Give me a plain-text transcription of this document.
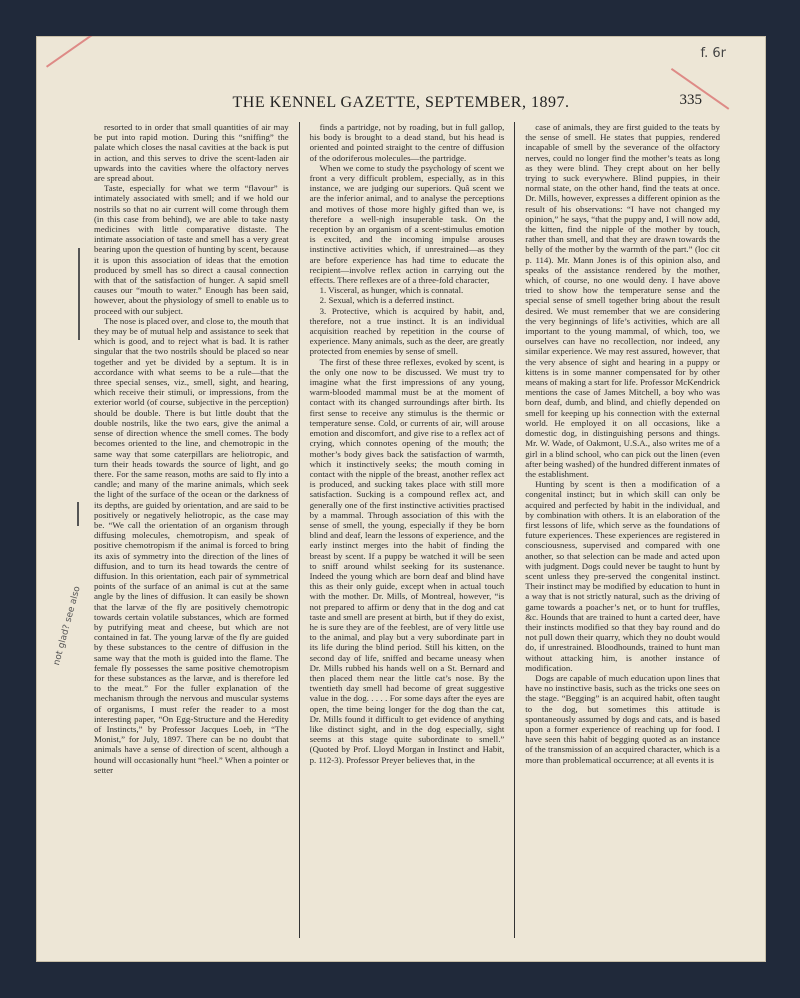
f. 6r
THE KENNEL GAZETTE, SEPTEMBER, 1897.	335
not glad? see also

resorted to in order that small quantities of air may be put into rapid motion. During this “sniffing” the palate which closes the nasal cavities at the back is put in action, and this serves to drive the scent-laden air upwards into the cavities where the olfactory nerves are spread about.

Taste, especially for what we term “flavour” is intimately associated with smell; and if we hold our nostrils so that no air current will come through them (in this case from behind), we are able to take nasty medicines with little comparative distaste. The intimate association of taste and smell has a very great bearing upon the question of hunting by scent, because it is upon this association of ideas that the emotion produced by smell has so direct a causal connection with that of the satisfaction of hunger. A sapid smell causes our “mouth to water.” Enough has been said, however, about the physiology of smell to enable us to proceed with our subject.

The nose is placed over, and close to, the mouth that they may be of mutual help and assistance to seek that which is good, and to reject what is bad. It is rather singular that the two nostrils should be placed so near together and yet be divided by a septum. It is in accordance with what seems to be a rule—that the three special senses, viz., smell, sight, and hearing, which receive their stimuli, or impressions, from the exterior world (of course, subjective in the perception) should be double. There is but little doubt that the double nostrils, like the two ears, give the animal a sense of direction whence the smell comes. The body becomes oriented to the line, and chemotropic in the same way that some caterpillars are heliotropic, and turn their heads towards the source of light, and go there. For the same reason, moths are said to fly into a candle; and many of the marine animals, which seek the light of the surface of the ocean or the darkness of its depths, are guided by orientation, and are said to be positively or negatively heliotropic, as the case may be. “We call the orientation of an organism through diffusing molecules, chemotropism, and speak of positive chemotropism if the animal is forced to bring its axis of symmetry into the direction of the lines of diffusion, and to turn its head towards the centre of diffusion. In this orientation, each pair of symmetrical points of the surface of an animal is cut at the same angle by the lines of diffusion. It can easily be shown that the larvæ of the fly are positively chemotropic towards certain volatile substances, which are formed by putrifying meat and cheese, but which are not contained in fat. The young larvæ of the fly are guided by these substances to the centre of diffusion in the same way that the moth is guided into the flame. The female fly possesses the same positive chemotropism for these substances as the larvæ, and is therefore led to the meat.” For the fuller explanation of the mechanism through the nervous and muscular systems of organisms, I must refer the reader to a most interesting paper, “On Egg-Structure and the Heredity of Instincts,” by Professor Jacques Loeb, in “The Monist,” for July, 1897. There can be no doubt that animals have a sense of direction of scent, although a hound will occasionally hunt “heel.” When a pointer or setter

finds a partridge, not by roading, but in full gallop, his body is brought to a dead stand, but his head is oriented and pointed straight to the centre of diffusion of the odoriferous molecules—the partridge.

When we come to study the psychology of scent we front a very difficult problem, especially, as in this instance, we are judging our superiors. Quâ scent we are the inferior animal, and to analyse the perceptions and motives of those more highly gifted than we, is therefore a well-nigh insuperable task. On the reception by an organism of a scent-stimulus emotion is excited, and the incoming impulse arouses instinctive activities which, if unrestrained—as they are before experience has had time to educate the recipient—involve reflex action in carrying out the effects. There reflexes are of a three-fold character,

1. Visceral, as hunger, which is connatal.

2. Sexual, which is a deferred instinct.

3. Protective, which is acquired by habit, and, therefore, not a true instinct. It is an individual acquisition reached by repetition in the course of experience. Many animals, such as the deer, are greatly protected from enemies by sense of smell.

The first of these three reflexes, evoked by scent, is the only one now to be discussed. We must try to imagine what the first impressions of any young, warm-blooded mammal must be at the moment of contact with its changed surroundings after birth. Its first sense to receive any stimulus is the thermic or temperature sense. Cold, or currents of air, will arouse emotion and discomfort, and give rise to a reflex act of crying, which connotes opening of the mouth; the mother’s body gives back the satisfaction of warmth, which it instinctively seeks; the mouth coming in contact with the nipple of the breast, another reflex act is produced, and sucking takes place with still more satisfaction. Sucking is a compound reflex act, and generally one of the first instinctive activities practised by a mammal. Through association of this with the sense of smell, the young, especially if they be born blind and deaf, learn the lessons of experience, and the early instinct merges into the habit of finding the breast by scent. If a puppy be watched it will be seen to sniff around whilst seeking for its sustenance. Indeed the young which are born deaf and blind have this as their only guide, except when in actual touch with the mother. Dr. Mills, of Montreal, however, “is not prepared to affirm or deny that in the dog and cat taste and smell are present at birth, but if they do exist, he is sure they are of the feeblest, are of very little use to the animal, and play but a very subordinate part in its life during the blind period. Still his kitten, on the second day of life, sniffed and became uneasy when Dr. Mills rubbed his hands well on a St. Bernard and then placed them near the little cat’s nose. By the twentieth day smell had become of great suggestive value in the dog. . . . . For some days after the eyes are open, the time being longer for the dog than the cat, Dr. Mills found it difficult to get evidence of anything like distinct sight, and in the dog especially, sight seems at this stage quite subordinate to smell.” (Quoted by Prof. Lloyd Morgan in Instinct and Habit, p. 112-3). Professor Preyer believes that, in the

case of animals, they are first guided to the teats by the sense of smell. He states that puppies, rendered incapable of smell by the severance of the olfactory nerves, could no longer find the mother’s teats as long as they were blind. They crept about on her belly trying to suck everywhere. Blind puppies, in their normal state, on the other hand, find the teats at once. Dr. Mills, however, expresses a different opinion as the result of his observations: “I have not changed my opinion,” he says, “that the puppy and, I will now add, the kitten, find the nipple of the mother by touch, rather than smell, and that they are drawn towards the belly of the mother by the warmth of the part.” (loc cit p. 114). Mr. Mann Jones is of this opinion also, and speaks of the assistance rendered by the mother, which, of course, no one would deny. I have above tried to show how the temperature sense and the special sense of smell together bring about the result desired. We must remember that we are considering the very beginnings of life’s activities, which are all important to the young mammal, of which, too, we ourselves can have no recollection, nor indeed, any similar experience. We may rest assured, however, that the very absence of sight and hearing in a puppy or kittens is in some manner compensated for by other means of making a start for life. Professor McKendrick mentions the case of James Mitchell, a boy who was born deaf, dumb, and blind, and chiefly depended on smell for keeping up his connection with the external world. He employed it on all occasions, like a domestic dog, in distinguishing persons and things. Mr. W. Wade, of Oakmont, U.S.A., also writes me of a girl in a blind school, who can pick out the linen (even after being washed) of the hundred different inmates of the establishment.

Hunting by scent is then a modification of a congenital instinct; but in which skill can only be acquired and perfected by habit in the individual, and by combination with others. It is an elaboration of the first lessons of life, which serve as the foundations of future experiences. These experiences are registered in consciousness, supervised and compared with one another, so that selection can be made and acted upon with judgment. Dogs could never be taught to hunt by scent unless they pre-served the congenital instinct. Their instinct may be modified by education to hunt in a way that is not strictly natural, such as the driving of game towards a poacher’s net, or to hunt for truffles, &c. Hounds that are trained to hunt a carted deer, have their instincts modified so that they bay round and do not pull down their quarry, which they no doubt would do, if unrestrained. Bloodhounds, trained to hunt man without attacking him, is another instance of modification.

Dogs are capable of much education upon lines that have no instinctive basis, such as the tricks one sees on the stage. “Begging” is an acquired habit, often taught to the dog, but sometimes this attitude is spontaneously assumed by dogs and cats, and is based upon a former experience of reaching up for food. I have seen this habit of begging quoted as an instance of the transmission of an acquired character, which is a more than problematical occurrence; at all events it is
